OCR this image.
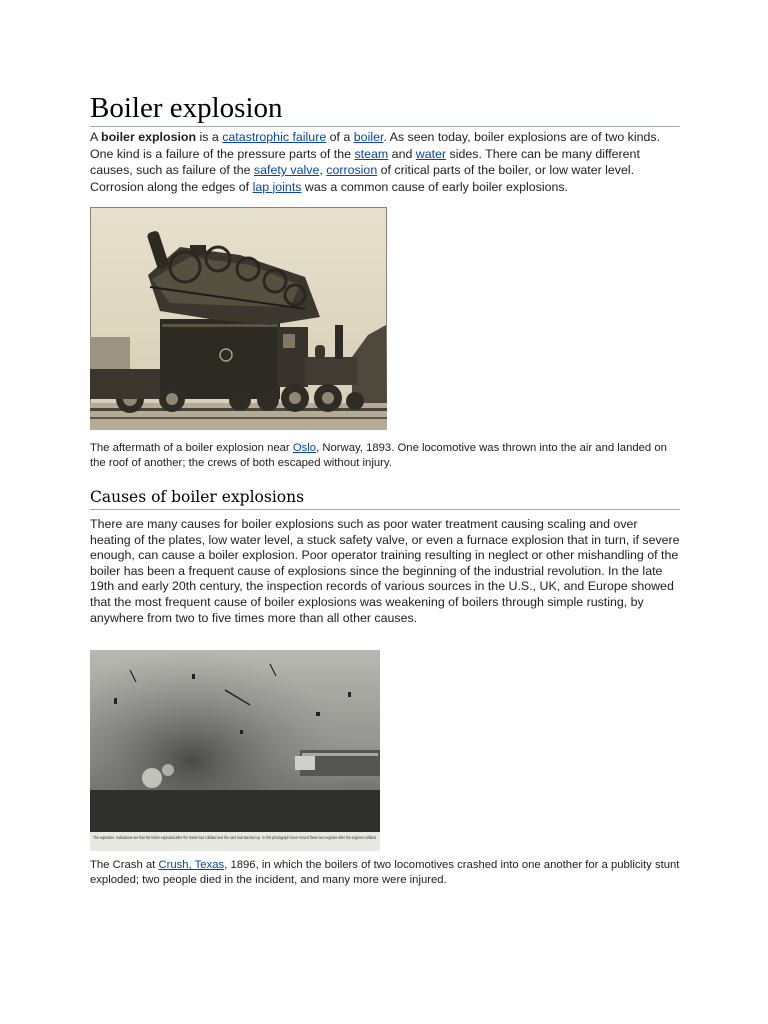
Boiler explosion

A boiler explosion is a catastrophic failure of a boiler. As seen today, boiler explosions are of two kinds. One kind is a failure of the pressure parts of the steam and water sides. There can be many different causes, such as failure of the safety valve, corrosion of critical parts of the boiler, or low water level. Corrosion along the edges of lap joints was a common cause of early boiler explosions.

The aftermath of a boiler explosion near Oslo, Norway, 1893. One locomotive was thrown into the air and landed on the roof of another; the crews of both escaped without injury.

Causes of boiler explosions

There are many causes for boiler explosions such as poor water treatment causing scaling and over heating of the plates, low water level, a stuck safety valve, or even a furnace explosion that in turn, if severe enough, can cause a boiler explosion. Poor operator training resulting in neglect or other mishandling of the boiler has been a frequent cause of explosions since the beginning of the industrial revolution. In the late 19th and early 20th century, the inspection records of various sources in the U.S., UK, and Europe showed that the most frequent cause of boiler explosions was weakening of boilers through simple rusting, by anywhere from two to five times more than all other causes.

The explosion. Indications are that the boiler exploded after the trains had collided and the cars had stacked up. In this photograph have moved these two engines after the engines collided.

The Crash at Crush, Texas, 1896, in which the boilers of two locomotives crashed into one another for a publicity stunt exploded; two people died in the incident, and many more were injured.
